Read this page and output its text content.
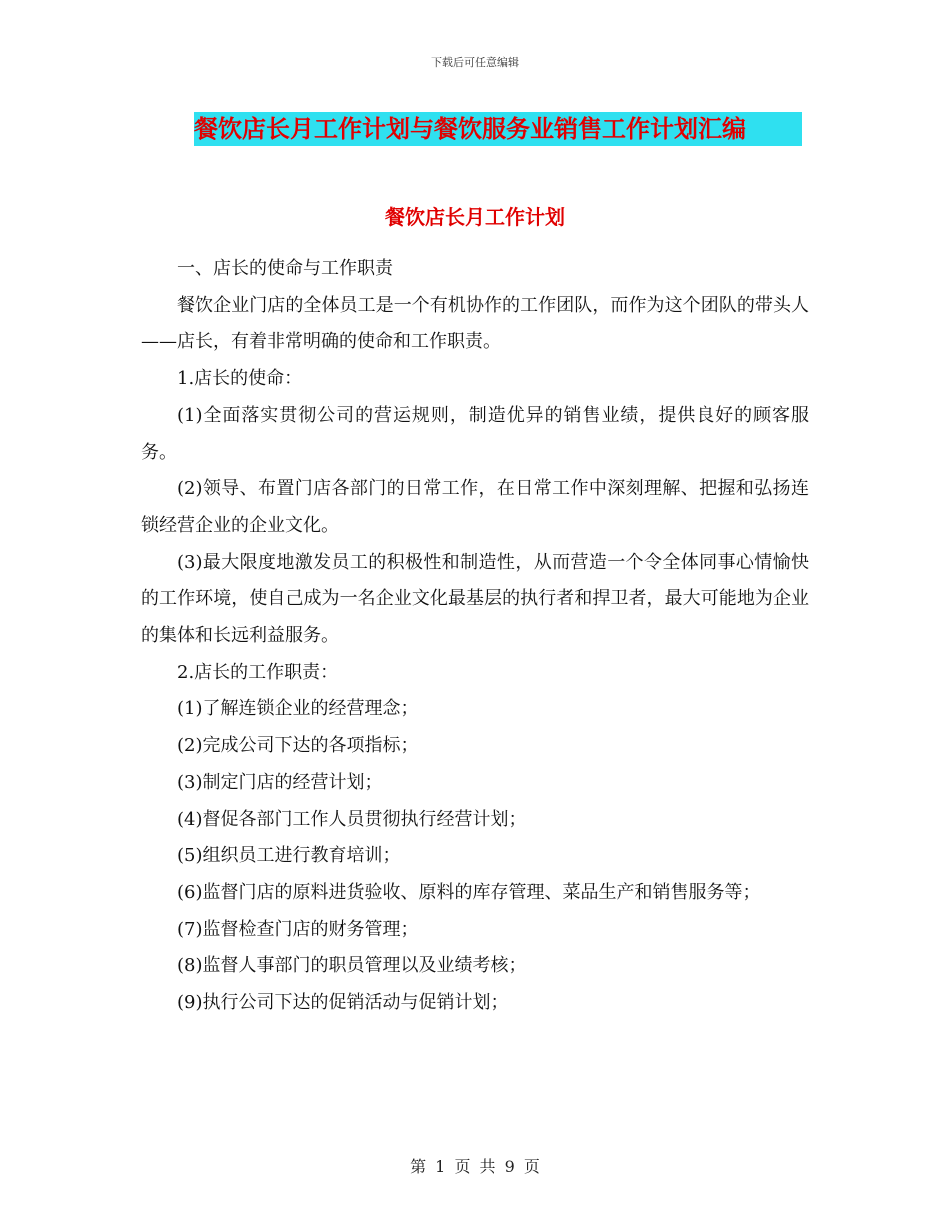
下载后可任意编辑
餐饮店长月工作计划与餐饮服务业销售工作计划汇编
餐饮店长月工作计划

一、店长的使命与工作职责

餐饮企业门店的全体员工是一个有机协作的工作团队，而作为这个团队的带头人——店长，有着非常明确的使命和工作职责。

1.店长的使命：

(1)全面落实贯彻公司的营运规则，制造优异的销售业绩，提供良好的顾客服务。

(2)领导、布置门店各部门的日常工作，在日常工作中深刻理解、把握和弘扬连锁经营企业的企业文化。

(3)最大限度地激发员工的积极性和制造性，从而营造一个令全体同事心情愉快的工作环境，使自己成为一名企业文化最基层的执行者和捍卫者，最大可能地为企业的集体和长远利益服务。

2.店长的工作职责：

(1)了解连锁企业的经营理念；

(2)完成公司下达的各项指标；

(3)制定门店的经营计划；

(4)督促各部门工作人员贯彻执行经营计划；

(5)组织员工进行教育培训；

(6)监督门店的原料进货验收、原料的库存管理、菜品生产和销售服务等；

(7)监督检查门店的财务管理；

(8)监督人事部门的职员管理以及业绩考核；

(9)执行公司下达的促销活动与促销计划；

第 1 页 共 9 页
